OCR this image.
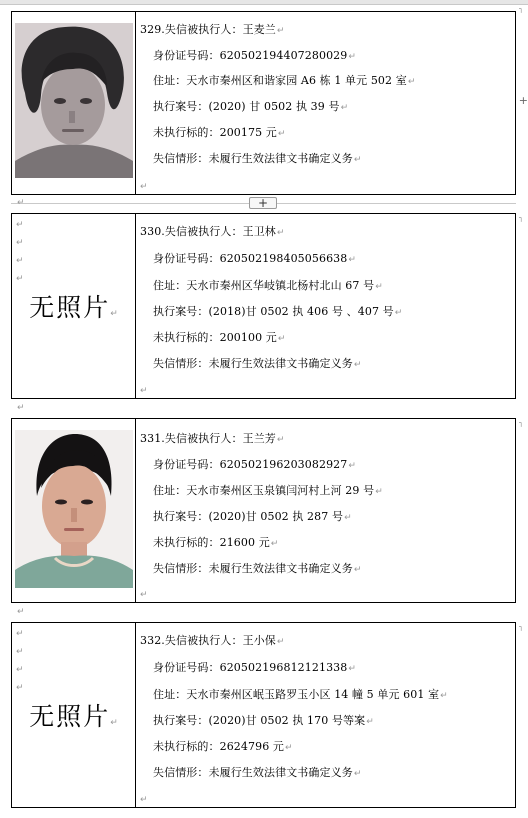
┐
+
329.失信被执行人：王麦兰↵
身份证号码：620502194407280029↵
住址：天水市秦州区和谐家园 A6 栋 1 单元 502 室↵
执行案号：(2020) 甘 0502 执 39 号↵
未执行标的：200175 元↵
失信情形：未履行生效法律文书确定义务↵
↵
+
↵
↵
↵
↵
↵
无照片↵
330.失信被执行人：王卫林↵
身份证号码：620502198405056638↵
住址：天水市秦州区华岐镇北杨村北山 67 号↵
执行案号：(2018)甘 0502 执 406 号 、407 号↵
未执行标的：200100 元↵
失信情形：未履行生效法律文书确定义务↵
↵
↵
331.失信被执行人：王兰芳↵
身份证号码：620502196203082927↵
住址：天水市秦州区玉泉镇闫河村上河 29 号↵
执行案号：(2020)甘 0502 执 287 号↵
未执行标的：21600 元↵
失信情形：未履行生效法律文书确定义务↵
↵
↵
↵
↵
↵
↵
无照片↵
332.失信被执行人：王小保↵
身份证号码：620502196812121338↵
住址：天水市秦州区岷玉路罗玉小区 14 幢 5 单元 601 室↵
执行案号：(2020)甘 0502 执 170 号等案↵
未执行标的：2624796 元↵
失信情形：未履行生效法律文书确定义务↵
↵
┐
┐
┐
